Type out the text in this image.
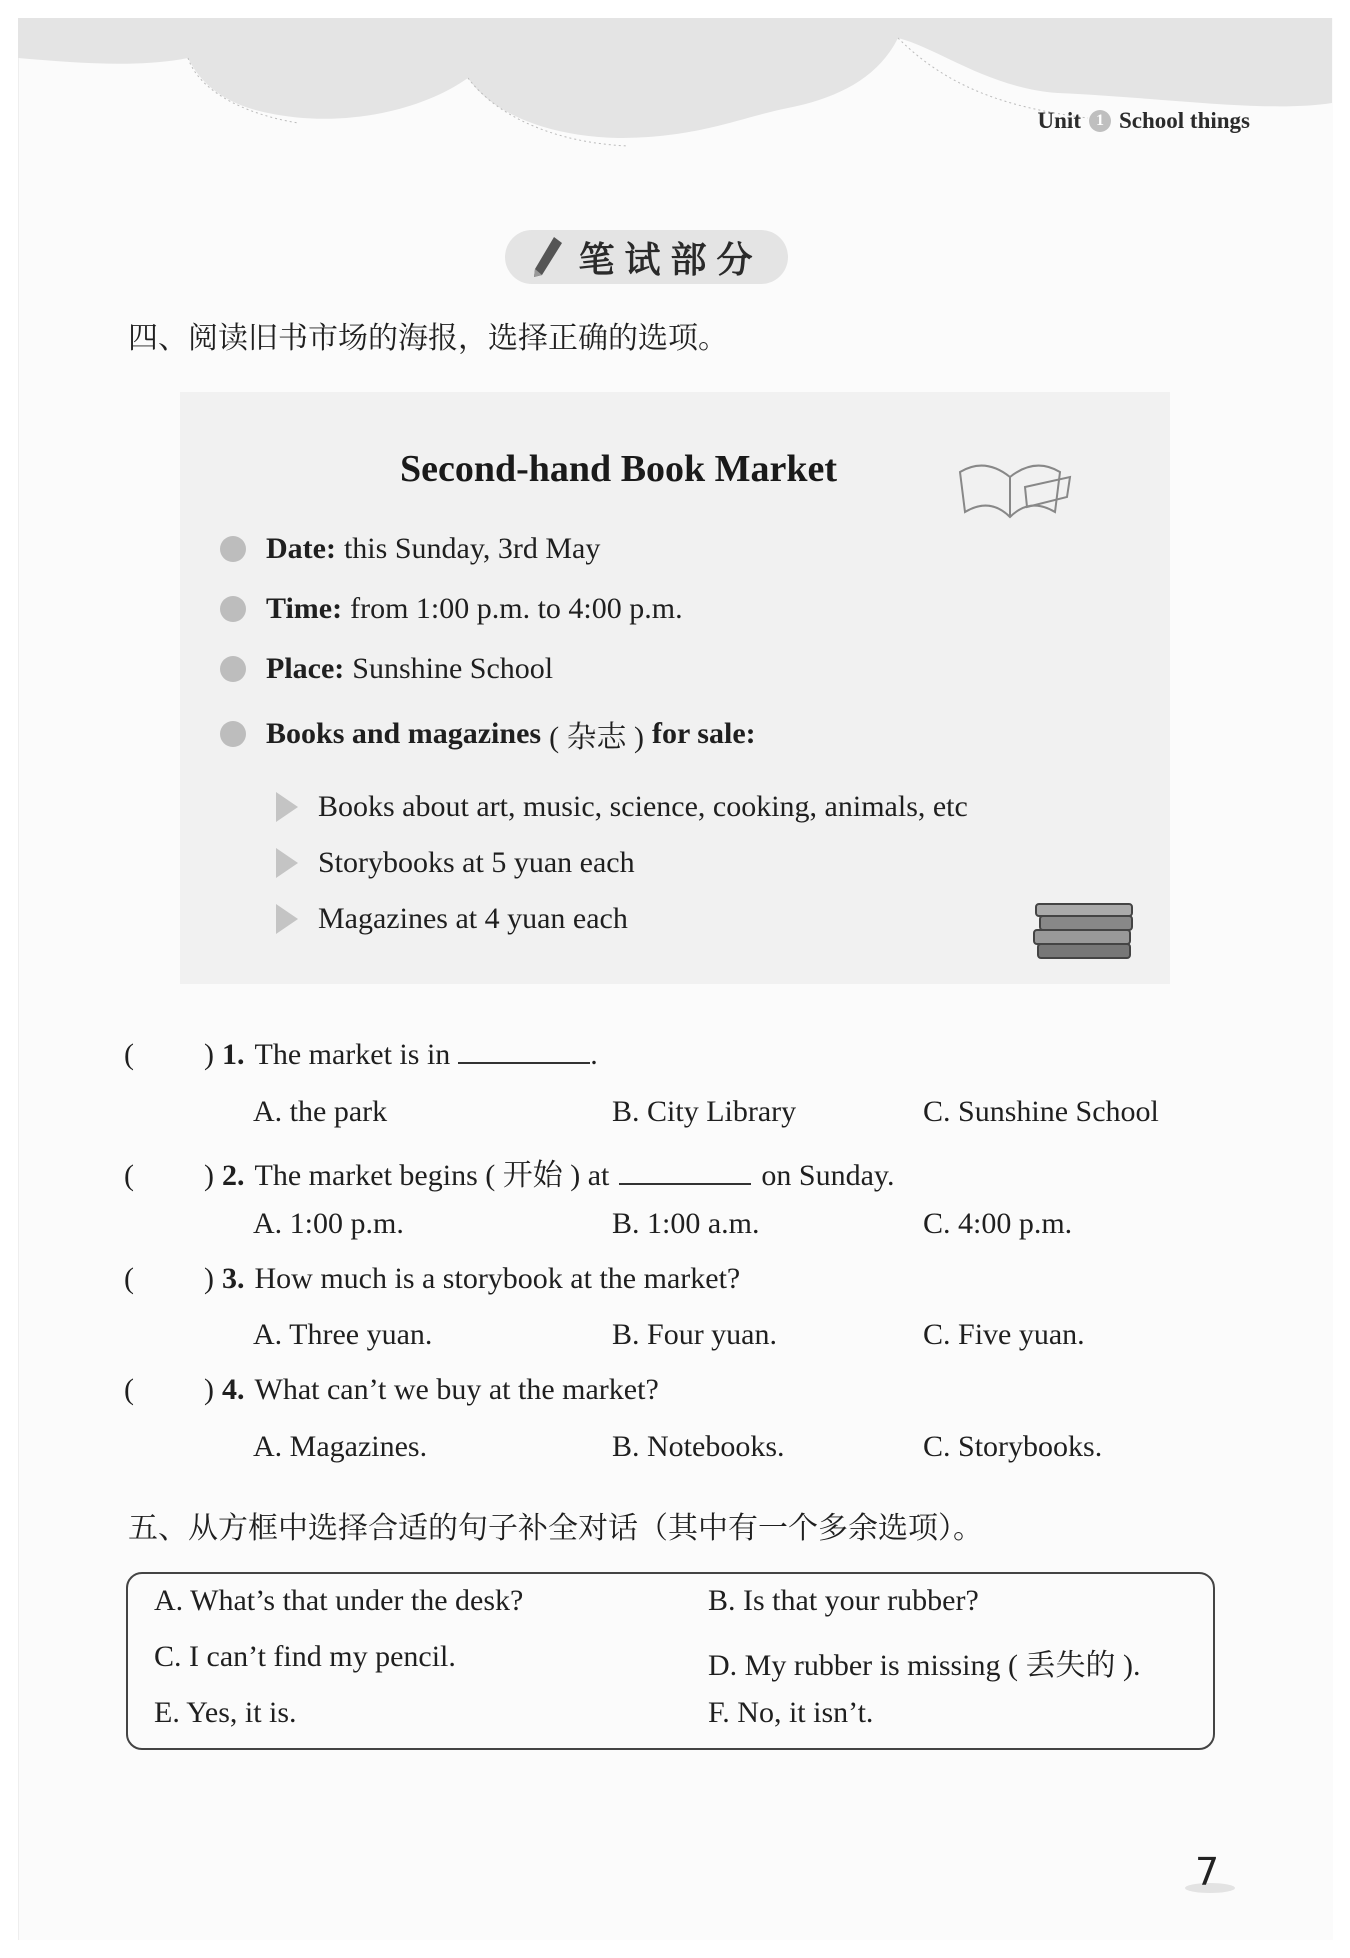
Unit 1 School things
笔试部分
四、阅读旧书市场的海报，选择正确的选项。
Second-hand Book Market
Date: this Sunday, 3rd May
Time: from 1:00 p.m. to 4:00 p.m.
Place: Sunshine School
Books and magazines ( 杂志 ) for sale:
Books about art, music, science, cooking, animals, etc
Storybooks at 5 yuan each
Magazines at 4 yuan each
(	) 1. The market is in	.
A. the park	B. City Library	C. Sunshine School
(	) 2. The market begins ( 开始 ) at	on Sunday.
A. 1:00 p.m.	B. 1:00 a.m.	C. 4:00 p.m.
(	) 3. How much is a storybook at the market?
A. Three yuan.	B. Four yuan.	C. Five yuan.
(	) 4. What can’t we buy at the market?
A. Magazines.	B. Notebooks.	C. Storybooks.
五、从方框中选择合适的句子补全对话（其中有一个多余选项）。
A. What’s that under the desk?	B. Is that your rubber?
C. I can’t find my pencil.	D. My rubber is missing ( 丢失的 ).
E. Yes, it is.	F. No, it isn’t.
7
